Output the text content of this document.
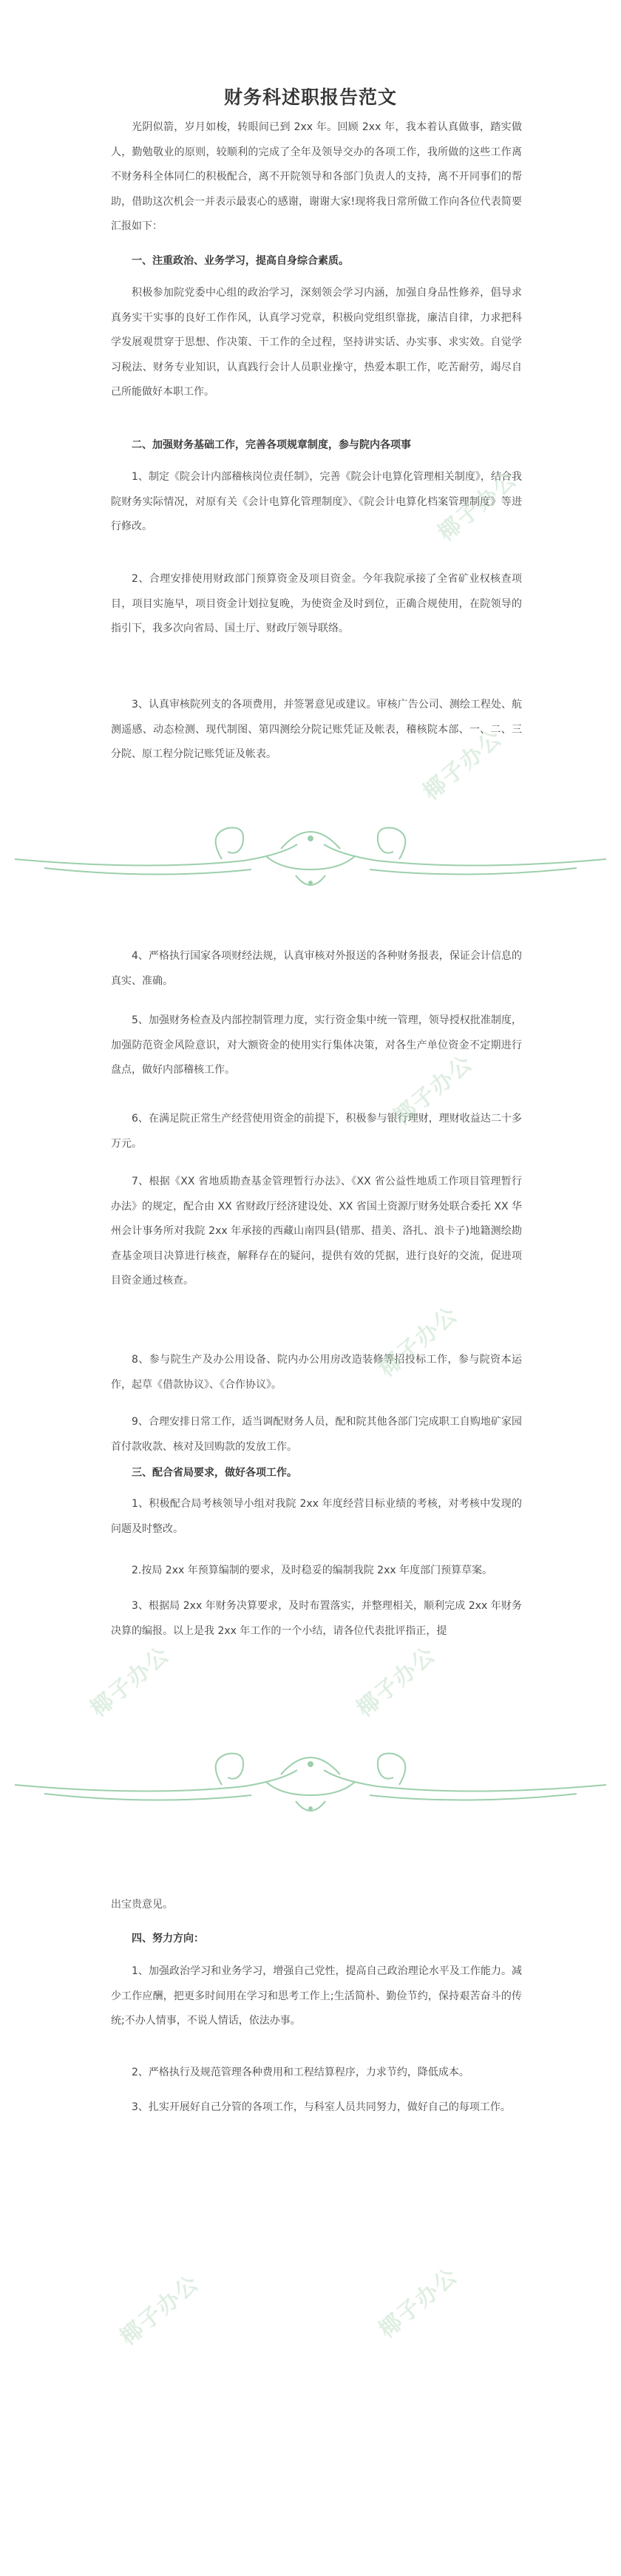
财务科述职报告范文

光阴似箭，岁月如梭，转眼间已到 2xx 年。回顾 2xx 年，我本着认真做事，踏实做人，勤勉敬业的原则，较顺利的完成了全年及领导交办的各项工作，我所做的这些工作离不财务科全体同仁的积极配合，离不开院领导和各部门负责人的支持，离不开同事们的帮助，借助这次机会一并表示最衷心的感谢，谢谢大家!现将我日常所做工作向各位代表简要汇报如下：

一、注重政治、业务学习，提高自身综合素质。

积极参加院党委中心组的政治学习，深刻领会学习内涵，加强自身品性修养，倡导求真务实干实事的良好工作作风，认真学习党章，积极向党组织靠拢，廉洁自律，力求把科学发展观贯穿于思想、作决策、干工作的全过程，坚持讲实话、办实事、求实效。自觉学习税法、财务专业知识，认真践行会计人员职业操守，热爱本职工作，吃苦耐劳，竭尽自己所能做好本职工作。

二、加强财务基础工作，完善各项规章制度，参与院内各项事

1、制定《院会计内部稽核岗位责任制》，完善《院会计电算化管理相关制度》，结合我院财务实际情况，对原有关《会计电算化管理制度》、《院会计电算化档案管理制度》等进行修改。

2、合理安排使用财政部门预算资金及项目资金。今年我院承接了全省矿业权核查项目，项目实施早，项目资金计划拉复晚，为使资金及时到位，正确合规使用，在院领导的指引下，我多次向省局、国土厅、财政厅领导联络。

3、认真审核院列支的各项费用，并签署意见或建议。审核广告公司、测绘工程处、航测遥感、动态检测、现代制图、第四测绘分院记账凭证及帐表，稽核院本部、一、二、三分院、原工程分院记账凭证及帐表。

椰子办公
椰子办公

4、严格执行国家各项财经法规，认真审核对外报送的各种财务报表，保证会计信息的真实、准确。

5、加强财务检查及内部控制管理力度，实行资金集中统一管理，领导授权批准制度，加强防范资金风险意识，对大额资金的使用实行集体决策，对各生产单位资金不定期进行盘点，做好内部稽核工作。

6、在满足院正常生产经营使用资金的前提下，积极参与银行理财，理财收益达二十多万元。

7、根据《XX 省地质勘查基金管理暂行办法》、《XX 省公益性地质工作项目管理暂行办法》的规定，配合由 XX 省财政厅经济建设处、XX 省国土资源厅财务处联合委托 XX 华州会计事务所对我院 2xx 年承接的西藏山南四县(错那、措美、洛扎、浪卡子)地籍测绘勘查基金项目决算进行核查，解释存在的疑问，提供有效的凭据，进行良好的交流，促进项目资金通过核查。

8、参与院生产及办公用设备、院内办公用房改造装修等招投标工作，参与院资本运作，起草《借款协议》、《合作协议》。

9、合理安排日常工作，适当调配财务人员，配和院其他各部门完成职工自购地矿家园首付款收款、核对及回购款的发放工作。

三、配合省局要求，做好各项工作。

1、积极配合局考核领导小组对我院 2xx 年度经营目标业绩的考核，对考核中发现的问题及时整改。

2.按局 2xx 年预算编制的要求，及时稳妥的编制我院 2xx 年度部门预算草案。

3、根据局 2xx 年财务决算要求，及时布置落实，并整理相关，顺利完成 2xx 年财务决算的编报。以上是我 2xx 年工作的一个小结，请各位代表批评指正，提

椰子办公
椰子办公
椰子办公	椰子办公

出宝贵意见。

四、努力方向：

1、加强政治学习和业务学习，增强自己党性，提高自己政治理论水平及工作能力。减少工作应酬，把更多时间用在学习和思考工作上;生活简朴、勤俭节约，保持艰苦奋斗的传统;不办人情事，不说人情话，依法办事。

2、严格执行及规范管理各种费用和工程结算程序，力求节约，降低成本。

3、扎实开展好自己分管的各项工作，与科室人员共同努力，做好自己的每项工作。

椰子办公	椰子办公
